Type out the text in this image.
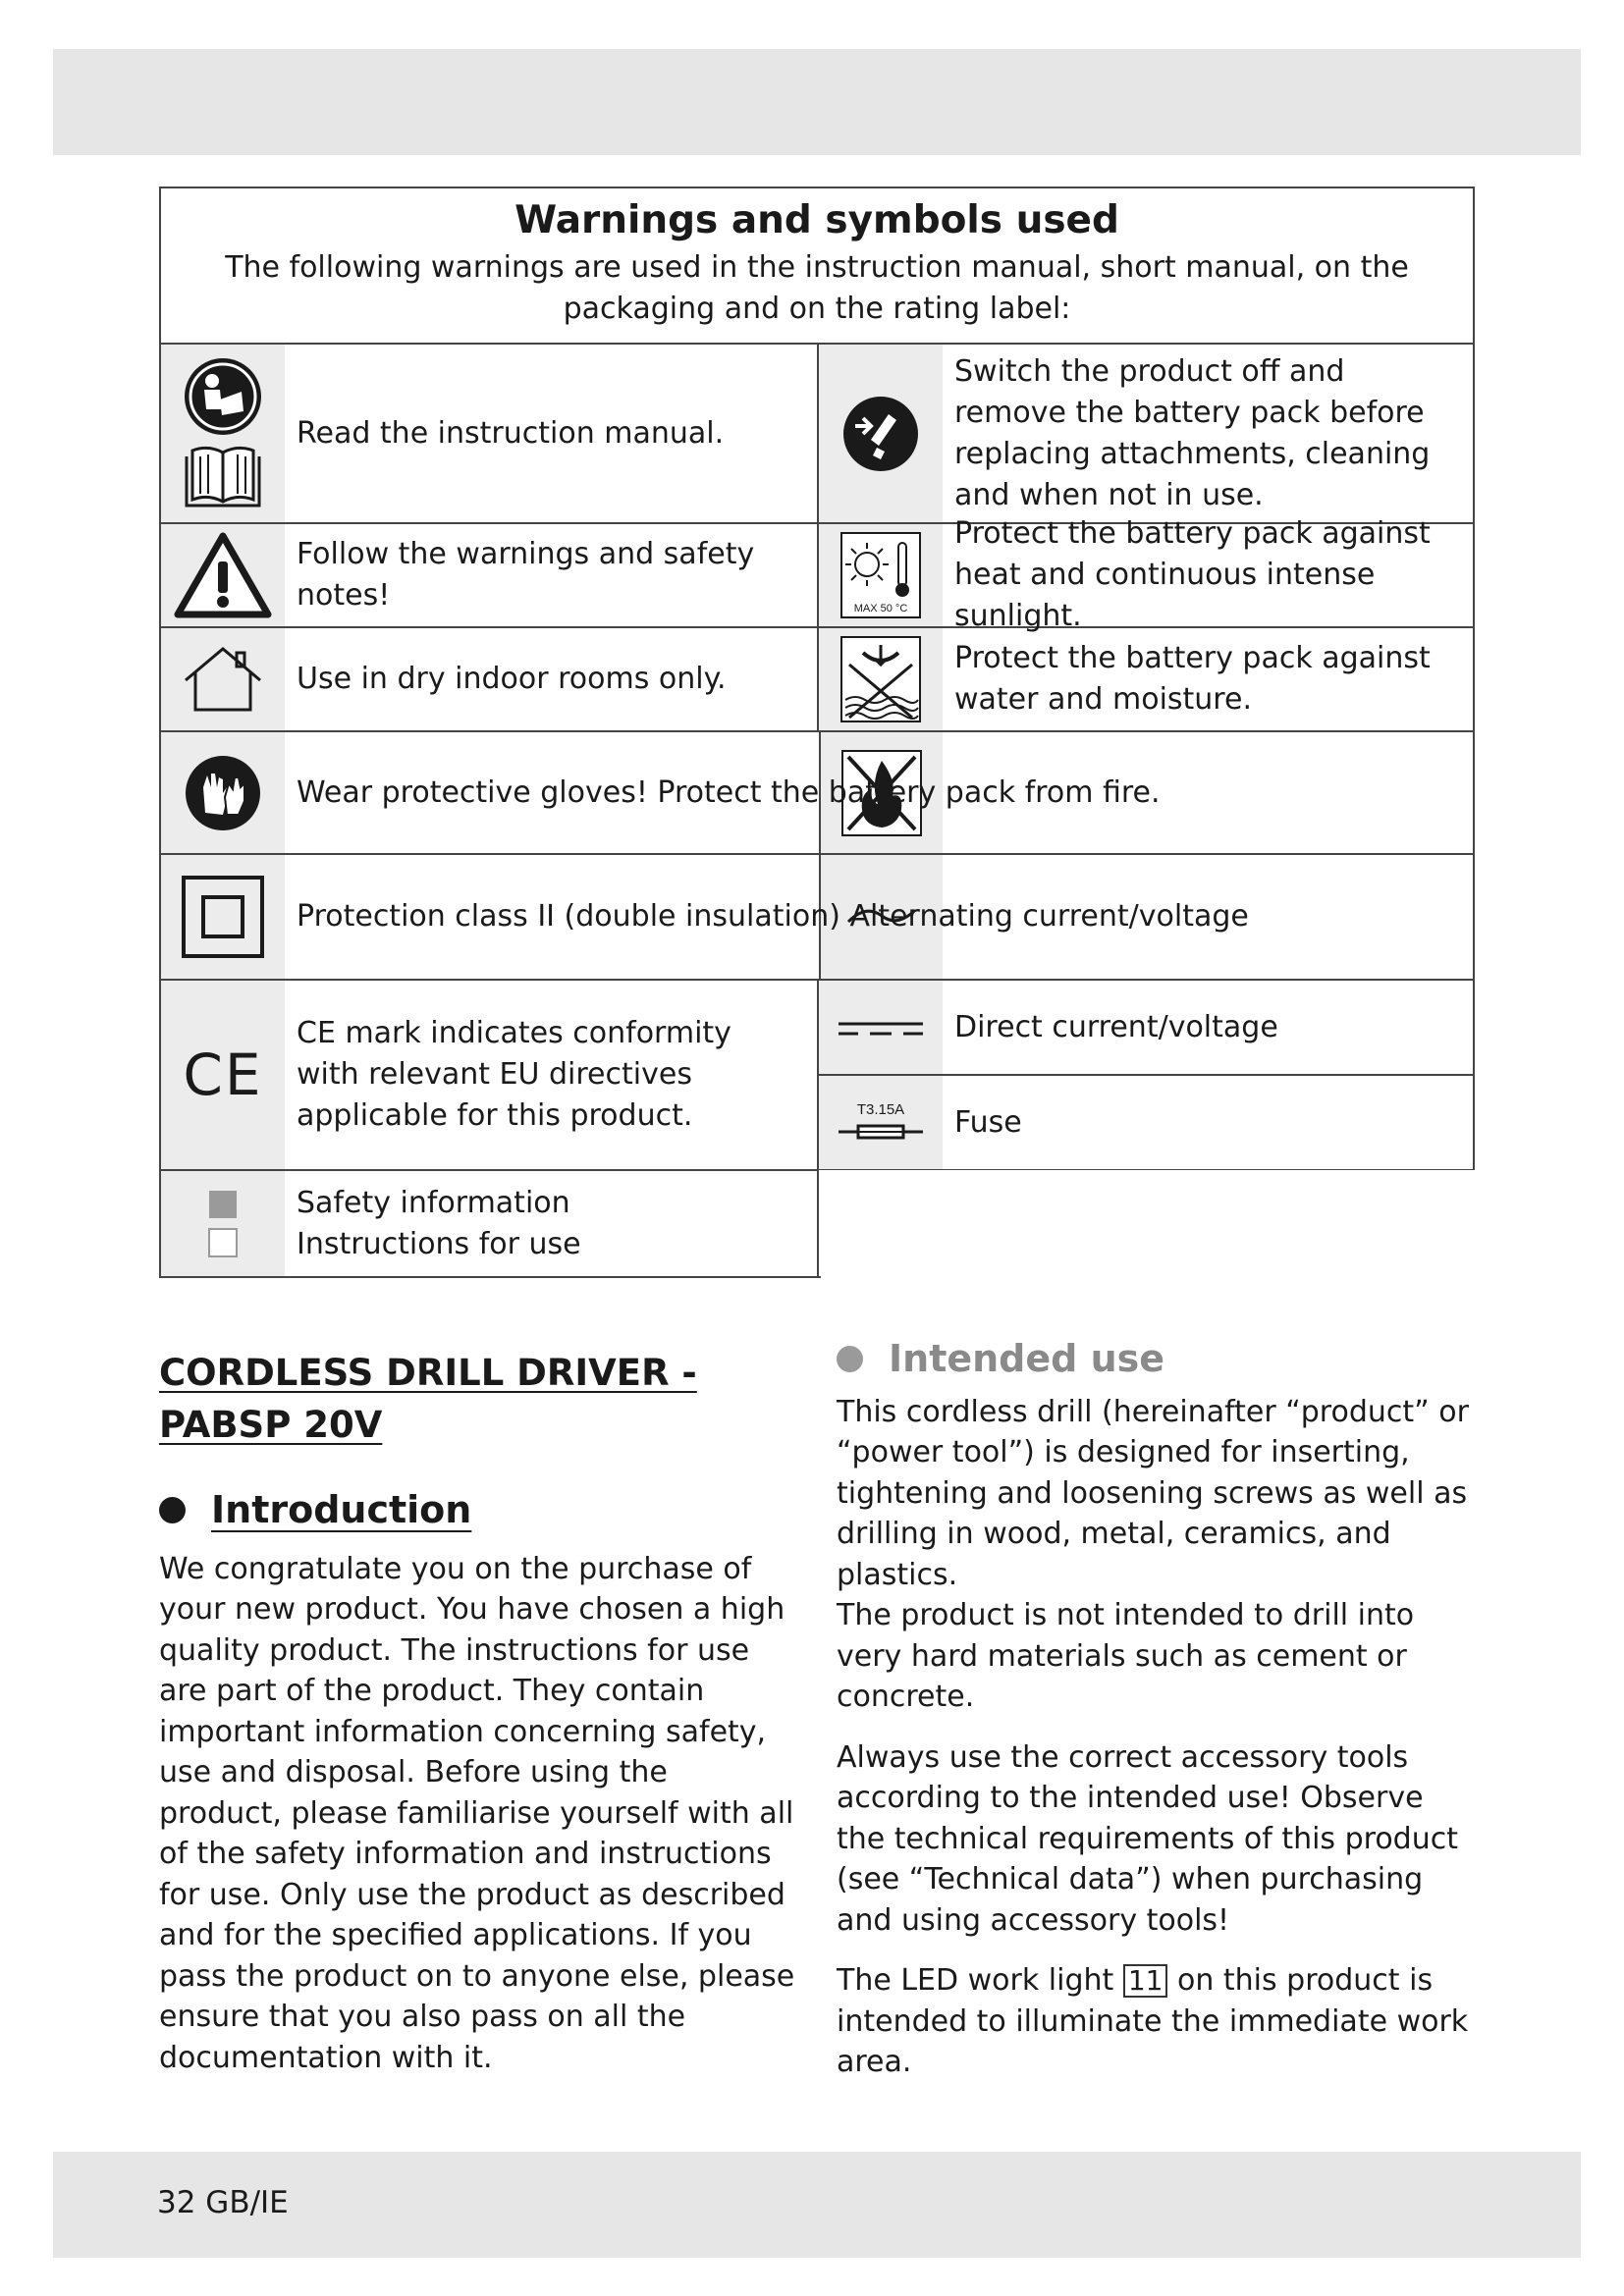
Warnings and symbols used
The following warnings are used in the instruction manual, short manual, on the packaging and on the rating label:
Read the instruction manual.
Switch the product off and remove the battery pack before replacing attachments, cleaning and when not in use.
Follow the warnings and safety notes!	MAX 50 °C
Protect the battery pack against heat and continuous intense sunlight.
Use in dry indoor rooms only.
Protect the battery pack against water and moisture.
Wear protective gloves! Protect the battery pack from fire.
Protection class II (double insulation) Alternating current/voltage
CE
CE mark indicates conformity with relevant EU directives applicable for this product.
Direct current/voltage
T3.15A Fuse
Safety information
Instructions for use
CORDLESS DRILL DRIVER -
PABSP 20V
Introduction

We congratulate you on the purchase of your new product. You have chosen a high quality product. The instructions for use are part of the product. They contain important information concerning safety, use and disposal. Before using the product, please familiarise yourself with all of the safety information and instructions for use. Only use the product as described and for the specified applications. If you pass the product on to anyone else, please ensure that you also pass on all the documentation with it.

Intended use

This cordless drill (hereinafter “product” or “power tool”) is designed for inserting, tightening and loosening screws as well as drilling in wood, metal, ceramics, and plastics.

The product is not intended to drill into very hard materials such as cement or concrete.

Always use the correct accessory tools according to the intended use! Observe the technical requirements of this product (see “Technical data”) when purchasing and using accessory tools!

The LED work light 11 on this product is intended to illuminate the immediate work area.

32 GB/IE
